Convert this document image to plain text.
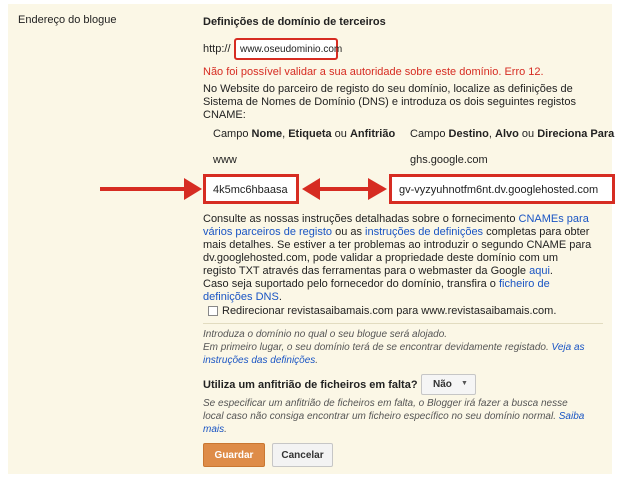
Endereço do blogue	Definições de domínio de terceiros
http:// www.oseudominio.com
Não foi possível validar a sua autoridade sobre este domínio. Erro 12.
No Website do parceiro de registo do seu domínio, localize as definições de
Sistema de Nomes de Domínio (DNS) e introduza os dois seguintes registos
CNAME:
Campo Nome, Etiqueta ou Anfitrião Campo Destino, Alvo ou Direciona Para
www	ghs.google.com
4k5mc6hbaasa	gv-vyzyuhnotfm6nt.dv.googlehosted.com
Consulte as nossas instruções detalhadas sobre o fornecimento CNAMEs para
vários parceiros de registo ou as instruções de definições completas para obter
mais detalhes. Se estiver a ter problemas ao introduzir o segundo CNAME para
dv.googlehosted.com, pode validar a propriedade deste domínio com um
registo TXT através das ferramentas para o webmaster da Google aqui.
Caso seja suportado pelo fornecedor do domínio, transfira o ficheiro de
definições DNS.
Redirecionar revistasaibamais.com para www.revistasaibamais.com.
Introduza o domínio no qual o seu blogue será alojado.
Em primeiro lugar, o seu domínio terá de se encontrar devidamente registado. Veja as
instruções das definições.
Utiliza um anfitrião de ficheiros em falta? Não ▼
Se especificar um anfitrião de ficheiros em falta, o Blogger irá fazer a busca nesse
local caso não consiga encontrar um ficheiro específico no seu domínio normal. Saiba
mais.
Guardar	Cancelar
